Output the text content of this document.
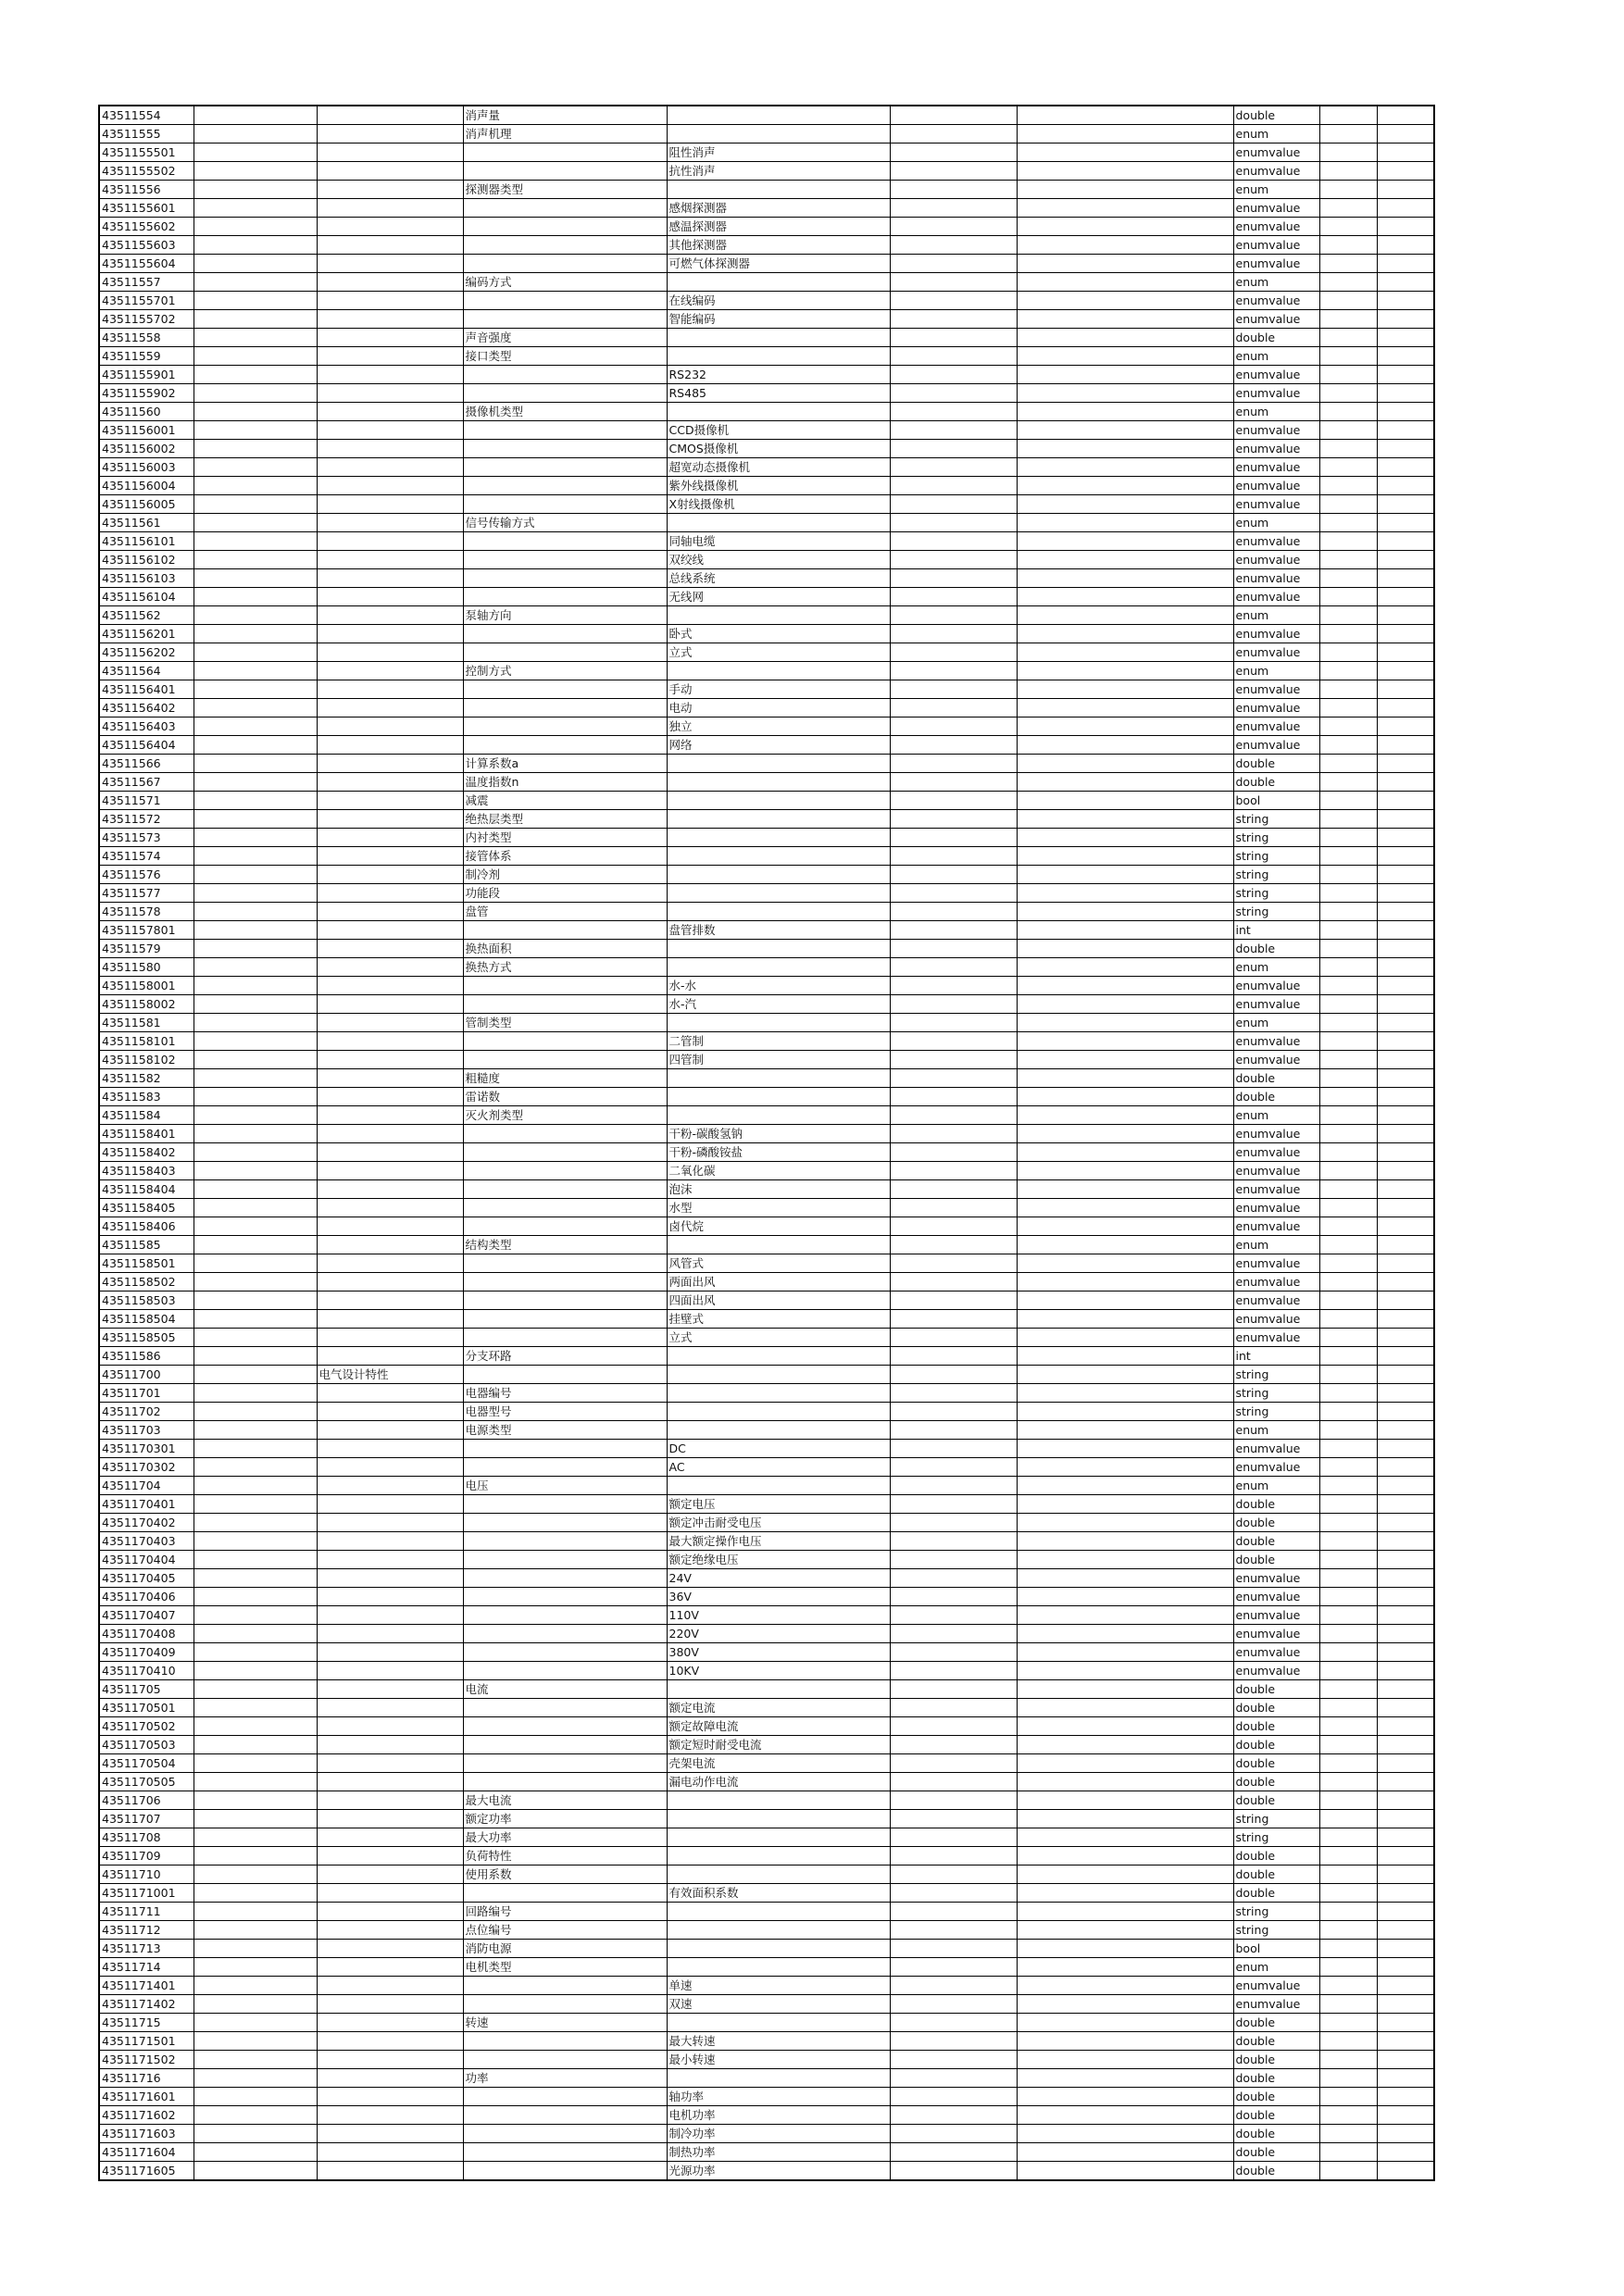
43511554			消声量				double		
43511555			消声机理				enum		
4351155501				阻性消声			enumvalue		
4351155502				抗性消声			enumvalue		
43511556			探测器类型				enum		
4351155601				感烟探测器			enumvalue		
4351155602				感温探测器			enumvalue		
4351155603				其他探测器			enumvalue		
4351155604				可燃气体探测器			enumvalue		
43511557			编码方式				enum		
4351155701				在线编码			enumvalue		
4351155702				智能编码			enumvalue		
43511558			声音强度				double		
43511559			接口类型				enum		
4351155901				RS232			enumvalue		
4351155902				RS485			enumvalue		
43511560			摄像机类型				enum		
4351156001				CCD摄像机			enumvalue		
4351156002				CMOS摄像机			enumvalue		
4351156003				超宽动态摄像机			enumvalue		
4351156004				紫外线摄像机			enumvalue		
4351156005				X射线摄像机			enumvalue		
43511561			信号传输方式				enum		
4351156101				同轴电缆			enumvalue		
4351156102				双绞线			enumvalue		
4351156103				总线系统			enumvalue		
4351156104				无线网			enumvalue		
43511562			泵轴方向				enum		
4351156201				卧式			enumvalue		
4351156202				立式			enumvalue		
43511564			控制方式				enum		
4351156401				手动			enumvalue		
4351156402				电动			enumvalue		
4351156403				独立			enumvalue		
4351156404				网络			enumvalue		
43511566			计算系数a				double		
43511567			温度指数n				double		
43511571			减震				bool		
43511572			绝热层类型				string		
43511573			内衬类型				string		
43511574			接管体系				string		
43511576			制冷剂				string		
43511577			功能段				string		
43511578			盘管				string		
4351157801				盘管排数			int		
43511579			换热面积				double		
43511580			换热方式				enum		
4351158001				水-水			enumvalue		
4351158002				水-汽			enumvalue		
43511581			管制类型				enum		
4351158101				二管制			enumvalue		
4351158102				四管制			enumvalue		
43511582			粗糙度				double		
43511583			雷诺数				double		
43511584			灭火剂类型				enum		
4351158401				干粉-碳酸氢钠			enumvalue		
4351158402				干粉-磷酸铵盐			enumvalue		
4351158403				二氧化碳			enumvalue		
4351158404				泡沫			enumvalue		
4351158405				水型			enumvalue		
4351158406				卤代烷			enumvalue		
43511585			结构类型				enum		
4351158501				风管式			enumvalue		
4351158502				两面出风			enumvalue		
4351158503				四面出风			enumvalue		
4351158504				挂壁式			enumvalue		
4351158505				立式			enumvalue		
43511586			分支环路				int		
43511700		电气设计特性					string		
43511701			电器编号				string		
43511702			电器型号				string		
43511703			电源类型				enum		
4351170301				DC			enumvalue		
4351170302				AC			enumvalue		
43511704			电压				enum		
4351170401				额定电压			double		
4351170402				额定冲击耐受电压			double		
4351170403				最大额定操作电压			double		
4351170404				额定绝缘电压			double		
4351170405				24V			enumvalue		
4351170406				36V			enumvalue		
4351170407				110V			enumvalue		
4351170408				220V			enumvalue		
4351170409				380V			enumvalue		
4351170410				10KV			enumvalue		
43511705			电流				double		
4351170501				额定电流			double		
4351170502				额定故障电流			double		
4351170503				额定短时耐受电流			double		
4351170504				壳架电流			double		
4351170505				漏电动作电流			double		
43511706			最大电流				double		
43511707			额定功率				string		
43511708			最大功率				string		
43511709			负荷特性				double		
43511710			使用系数				double		
4351171001				有效面积系数			double		
43511711			回路编号				string		
43511712			点位编号				string		
43511713			消防电源				bool		
43511714			电机类型				enum		
4351171401				单速			enumvalue		
4351171402				双速			enumvalue		
43511715			转速				double		
4351171501				最大转速			double		
4351171502				最小转速			double		
43511716			功率				double		
4351171601				轴功率			double		
4351171602				电机功率			double		
4351171603				制冷功率			double		
4351171604				制热功率			double		
4351171605				光源功率			double		
